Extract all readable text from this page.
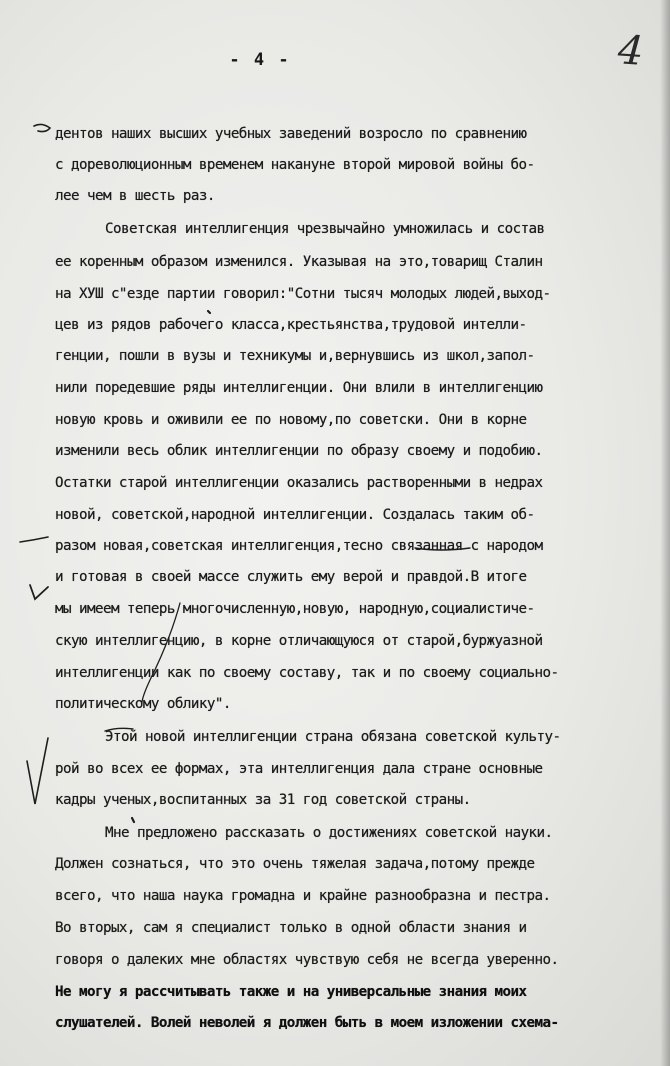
- 4 -	4
дентов наших высших учебных заведений возросло по сравнению
с дореволюционным временем накануне второй мировой войны бо-
лее чем в шесть раз.
Советская интеллигенция чрезвычайно умножилась и состав
ее коренным образом изменился. Указывая на это,товарищ Сталин
на ХУШ с"езде партии говорил:"Сотни тысяч молодых людей,выход-
цев из рядов рабочего класса,крестьянства,трудовой интелли-
генции, пошли в вузы и техникумы и,вернувшись из школ,запол-
нили поредевшие ряды интеллигенции. Они влили в интеллигенцию
новую кровь и оживили ее по новому,по советски. Они в корне
изменили весь облик интеллигенции по образу своему и подобию.
Остатки старой интеллигенции оказались растворенными в недрах
новой, советской,народной интеллигенции. Создалась таким об-
разом новая,советская интеллигенция,тесно связанная с народом
и готовая в своей массе служить ему верой и правдой.В итоге
мы имеем теперь многочисленную,новую, народную,социалистиче-
скую интеллигенцию, в корне отличающуюся от старой,буржуазной
интеллигенции как по своему составу, так и по своему социально-
политическому облику".
Этой новой интеллигенции страна обязана советской культу-
рой во всех ее формах, эта интеллигенция дала стране основные
кадры ученых,воспитанных за 31 год советской страны.
Мне предложено рассказать о достижениях советской науки.
Должен сознаться, что это очень тяжелая задача,потому прежде
всего, что наша наука громадна и крайне разнообразна и пестра.
Во вторых, сам я специалист только в одной области знания и
говоря о далеких мне областях чувствую себя не всегда уверенно.
Не могу я рассчитывать также и на универсальные знания моих
слушателей. Волей неволей я должен быть в моем изложении схема-
